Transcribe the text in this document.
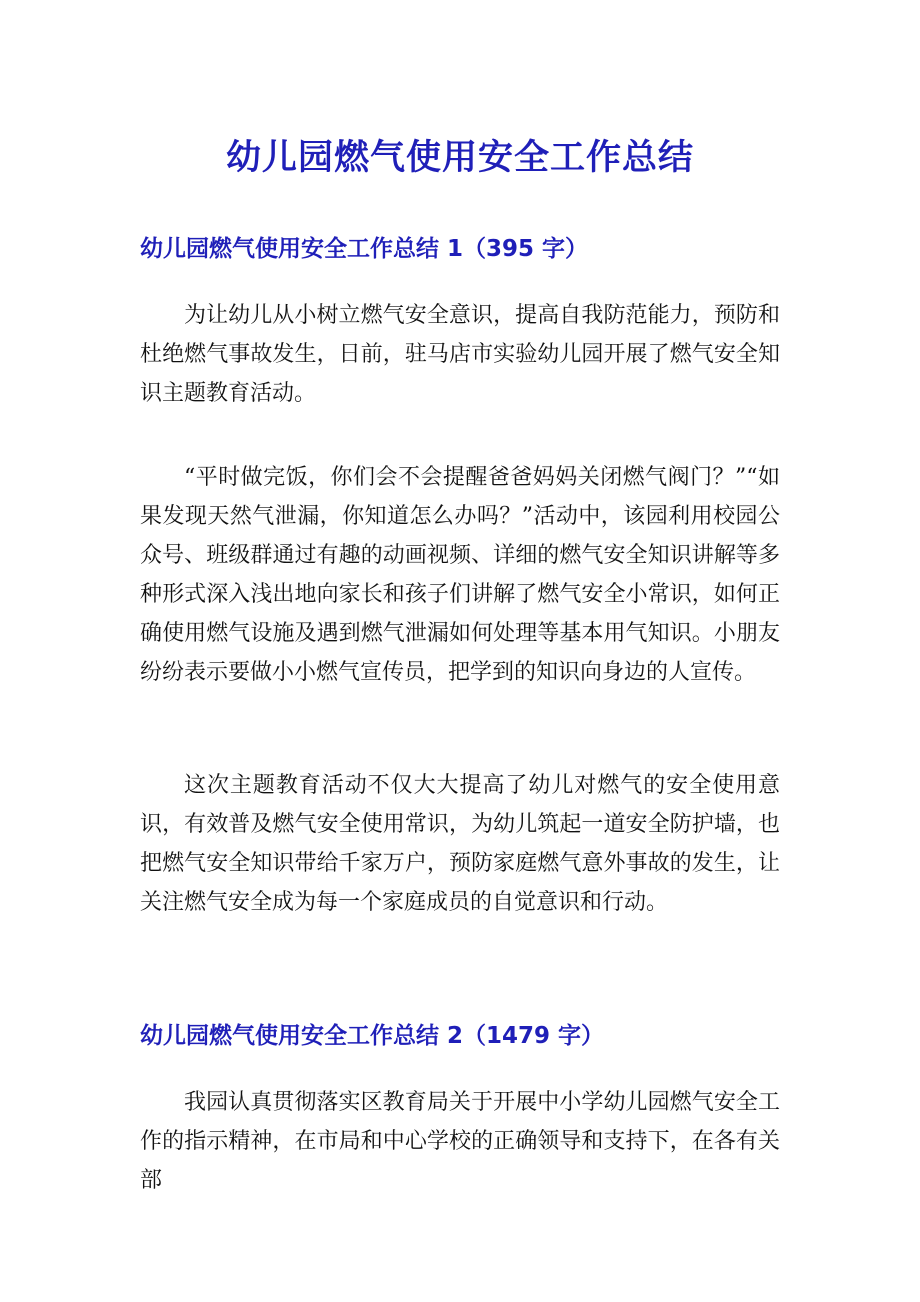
幼儿园燃气使用安全工作总结
幼儿园燃气使用安全工作总结 1（395 字）

为让幼儿从小树立燃气安全意识，提高自我防范能力，预防和杜绝燃气事故发生，日前，驻马店市实验幼儿园开展了燃气安全知识主题教育活动。

“平时做完饭，你们会不会提醒爸爸妈妈关闭燃气阀门？”“如果发现天然气泄漏，你知道怎么办吗？”活动中，该园利用校园公众号、班级群通过有趣的动画视频、详细的燃气安全知识讲解等多种形式深入浅出地向家长和孩子们讲解了燃气安全小常识，如何正确使用燃气设施及遇到燃气泄漏如何处理等基本用气知识。小朋友纷纷表示要做小小燃气宣传员，把学到的知识向身边的人宣传。

这次主题教育活动不仅大大提高了幼儿对燃气的安全使用意识，有效普及燃气安全使用常识，为幼儿筑起一道安全防护墙，也把燃气安全知识带给千家万户，预防家庭燃气意外事故的发生，让关注燃气安全成为每一个家庭成员的自觉意识和行动。

幼儿园燃气使用安全工作总结 2（1479 字）

我园认真贯彻落实区教育局关于开展中小学幼儿园燃气安全工作的指示精神，在市局和中心学校的正确领导和支持下，在各有关部
